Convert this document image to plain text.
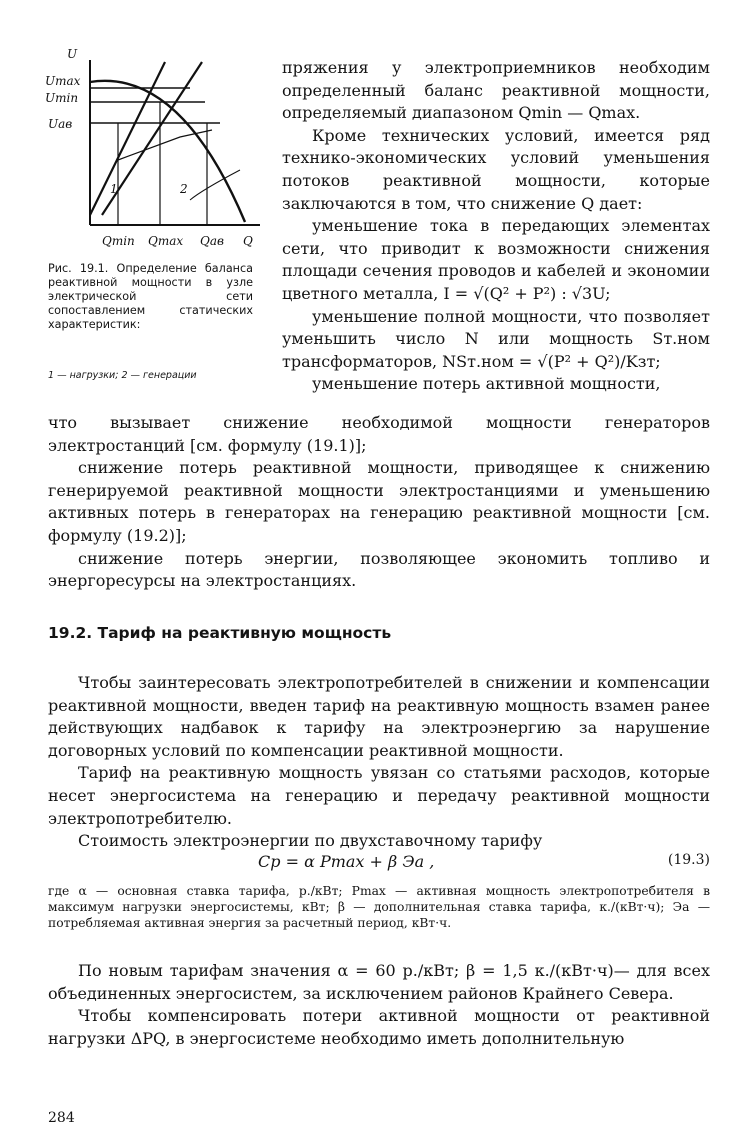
U
Umax
Umin
Uав
Qmin Qmax Qав Q
1	2
Рис. 19.1. Определение баланса реактивной мощности в узле электрической сети сопоставлением статических характеристик:
1 — нагрузки; 2 — генерации

пряжения у электроприемников необходим определенный баланс реактивной мощности, определяемый диапазоном Qmin — Qmax.

Кроме технических условий, имеется ряд технико-экономических условий уменьшения потоков реактивной мощности, которые заключаются в том, что снижение Q дает:

уменьшение тока в передающих элементах сети, что приводит к возможности снижения площади сечения проводов и кабелей и экономии цветного металла, I = √(Q² + P²) : √3U;

уменьшение полной мощности, что позволяет уменьшить число N или мощность Sт.ном трансформаторов, NSт.ном = √(P² + Q²)/Kзт;

уменьшение потерь активной мощности,

что вызывает снижение необходимой мощности генераторов электростанций [см. формулу (19.1)];

снижение потерь реактивной мощности, приводящее к снижению генерируемой реактивной мощности электростанциями и уменьшению активных потерь в генераторах на генерацию реактивной мощности [см. формулу (19.2)];

снижение потерь энергии, позволяющее экономить топливо и энергоресурсы на электростанциях.

19.2. Тариф на реактивную мощность

Чтобы заинтересовать электропотребителей в снижении и компенсации реактивной мощности, введен тариф на реактивную мощность взамен ранее действующих надбавок к тарифу на электроэнергию за нарушение договорных условий по компенсации реактивной мощности.

Тариф на реактивную мощность увязан со статьями расходов, которые несет энергосистема на генерацию и передачу реактивной мощности электропотребителю.

Стоимость электроэнергии по двухставочному тарифу

Cp = α Pmax + β Эа ,	(19.3)
где α — основная ставка тарифа, р./кВт; Pmax — активная мощность электропотребителя в максимум нагрузки энергосистемы, кВт; β — дополнительная ставка тарифа, к./(кВт·ч); Эа — потребляемая активная энергия за расчетный период, кВт·ч.

По новым тарифам значения α = 60 р./кВт; β = 1,5 к./(кВт·ч)— для всех объединенных энергосистем, за исключением районов Крайнего Севера.

Чтобы компенсировать потери активной мощности от реактивной нагрузки ΔPQ, в энергосистеме необходимо иметь дополнительную

284
